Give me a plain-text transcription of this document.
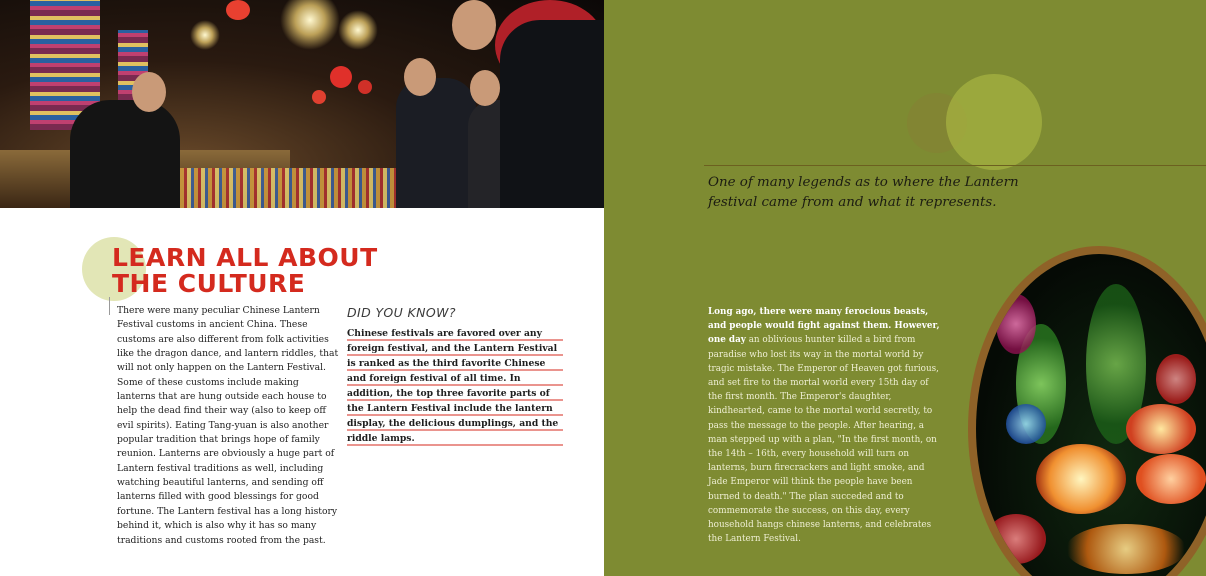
LEARN ALL ABOUT
THE CULTURE

There were many peculiar Chinese Lantern Festival customs in ancient China. These customs are also different from folk activities like the dragon dance, and lantern riddles, that will not only happen on the Lantern Festival. Some of these customs include making lanterns that are hung outside each house to help the dead find their way (also to keep off evil spirits). Eating Tang-yuan is also another popular tradition that brings hope of family reunion. Lanterns are obviously a huge part of Lantern festival traditions as well, including watching beautiful lanterns, and sending off lanterns filled with good blessings for good fortune. The Lantern festival has a long history behind it, which is also why it has so many traditions and customs rooted from the past.

DID YOU KNOW?

Chinese festivals are favored over any foreign festival, and the Lantern Festival is ranked as the third favorite Chinese and foreign festival of all time. In addition, the top three favorite parts of the Lantern Festival include the lantern display, the delicious dumplings, and the riddle lamps.

One of many legends as to where the Lantern festival came from and what it represents.

Long ago, there were many ferocious beasts, and people would fight against them. However, one day an oblivious hunter killed a bird from paradise who lost its way in the mortal world by tragic mistake. The Emperor of Heaven got furious, and set fire to the mortal world every 15th day of the first month. The Emperor's daughter, kindhearted, came to the mortal world secretly, to pass the message to the people. After hearing, a man stepped up with a plan, "In the first month, on the 14th – 16th, every household will turn on lanterns, burn firecrackers and light smoke, and Jade Emperor will think the people have been burned to death." The plan succeded and to commemorate the success, on this day, every household hangs chinese lanterns, and celebrates the Lantern Festival.
